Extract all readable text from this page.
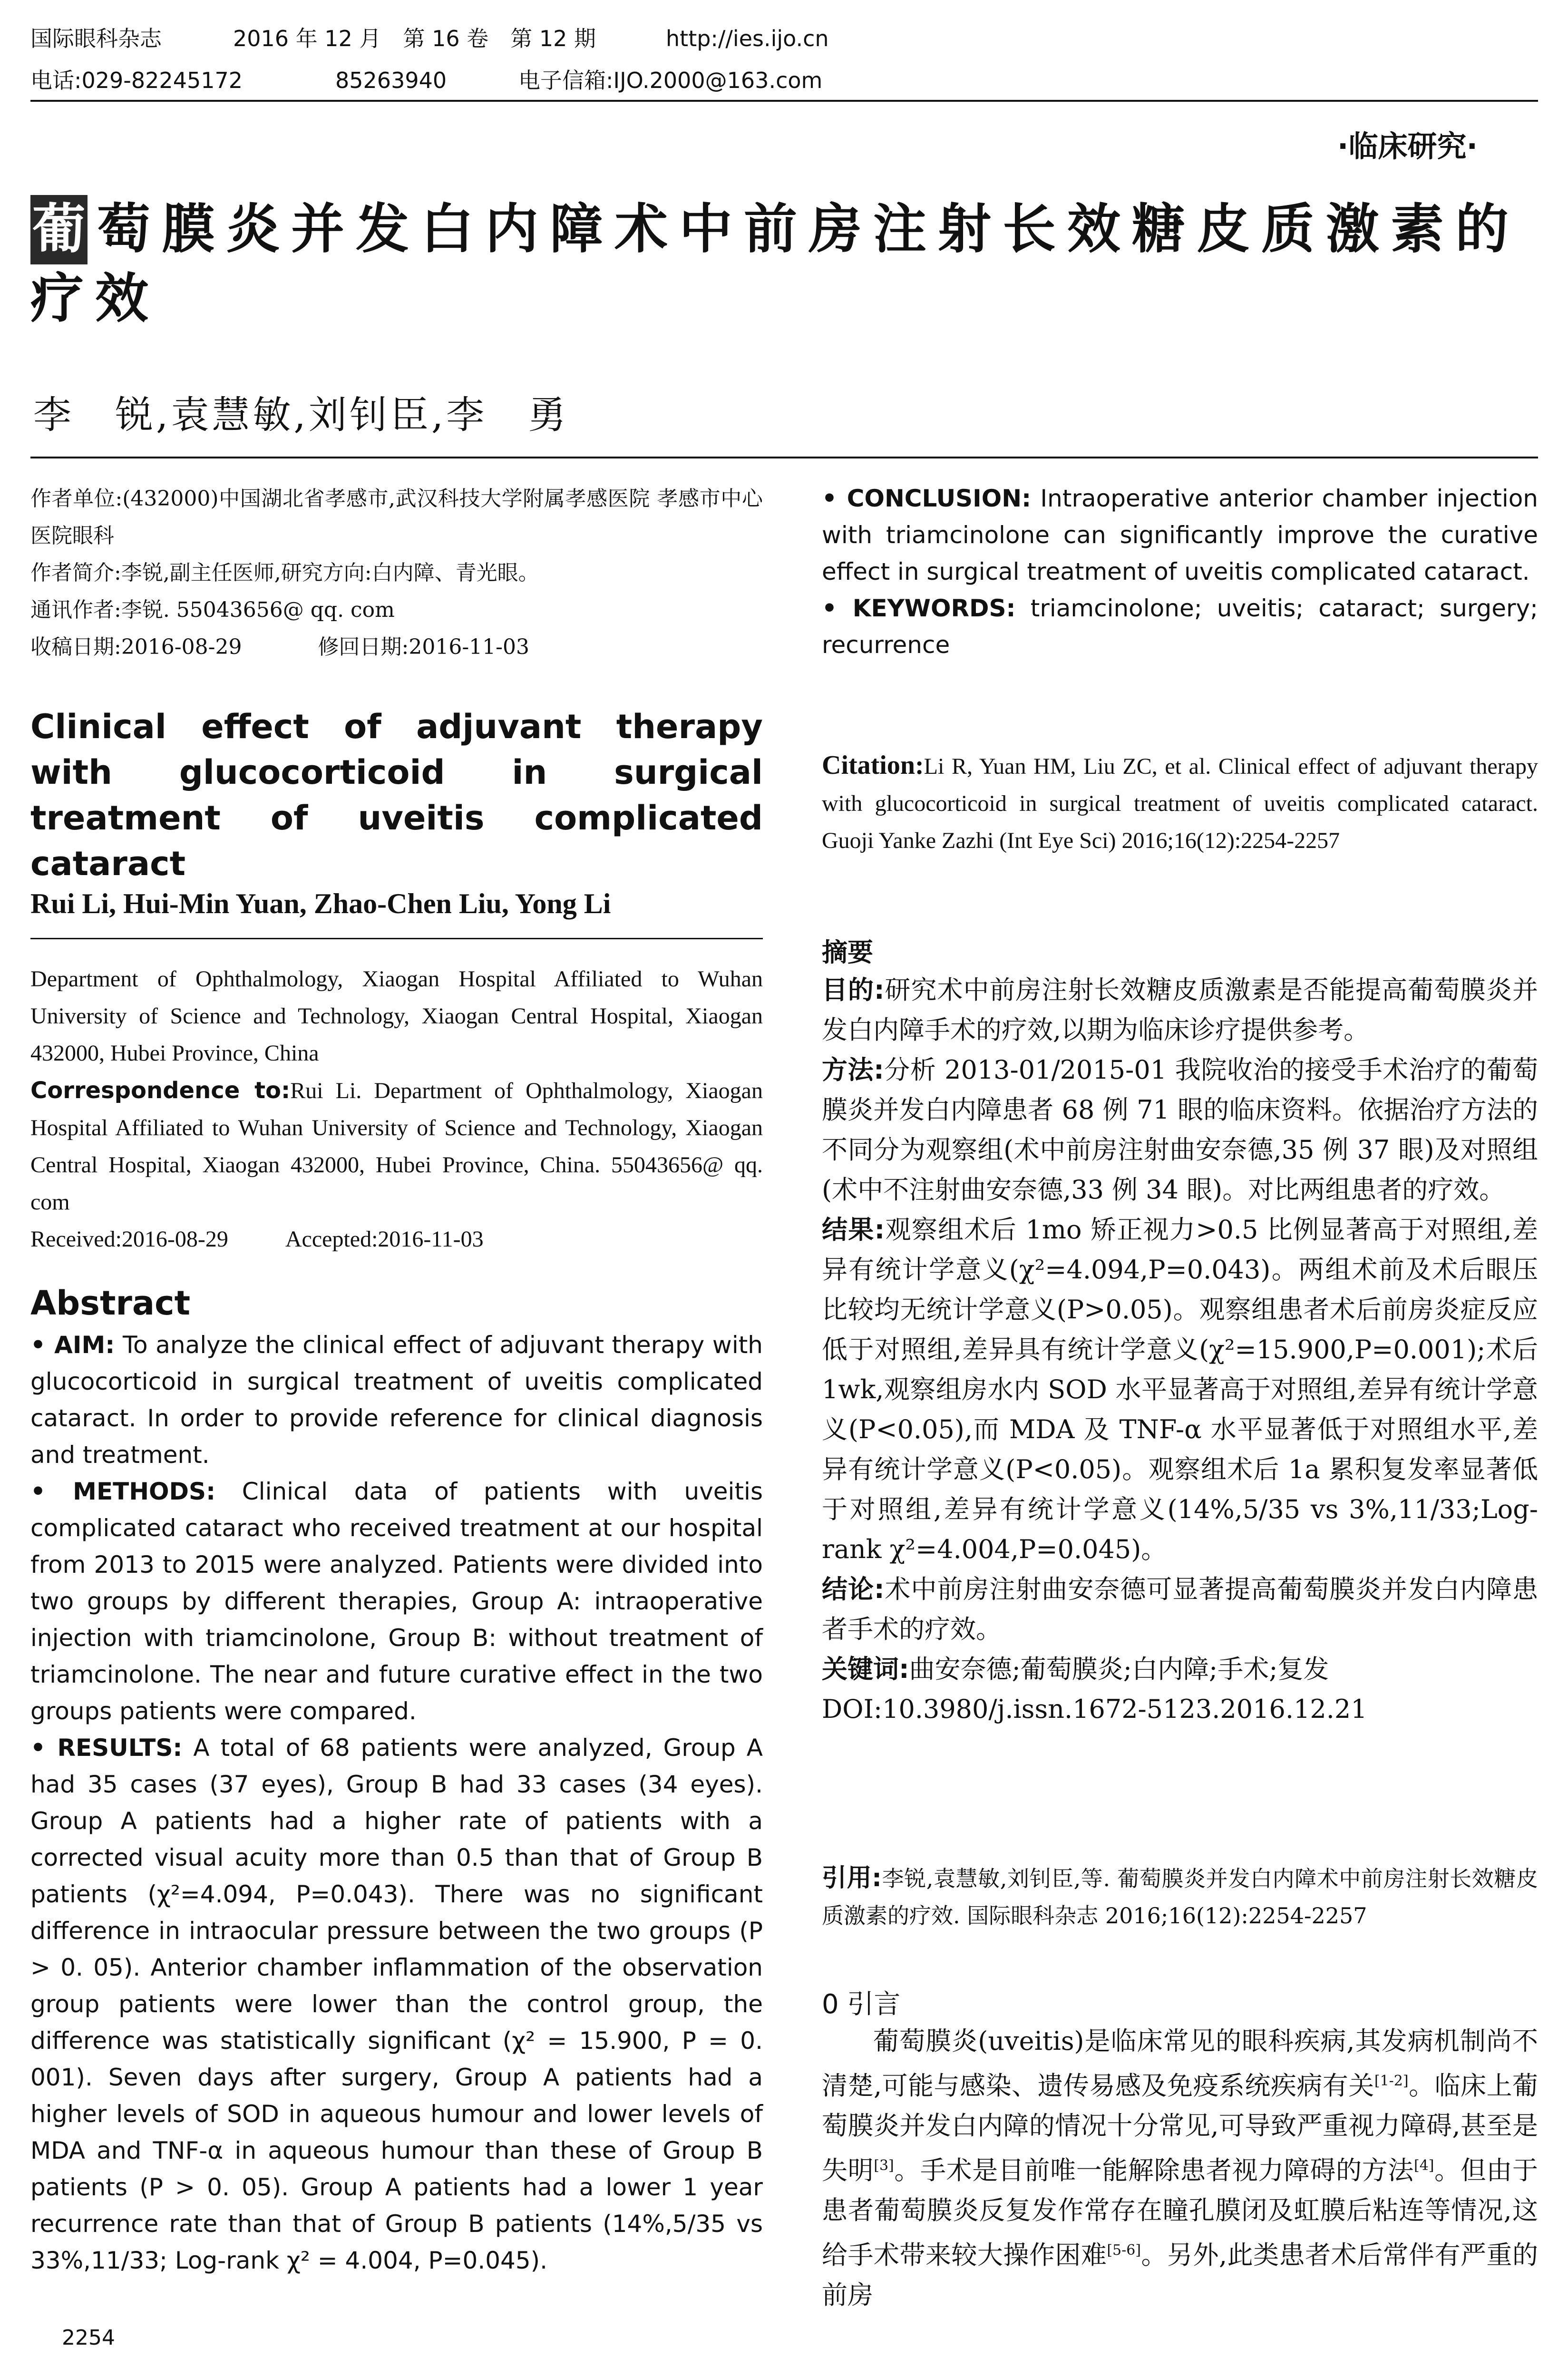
国际眼科杂志	2016 年 12 月　第 16 卷　第 12 期	http://ies.ijo.cn
电话:029-82245172	85263940	电子信箱:IJO.2000@163.com
·临床研究·
葡 萄膜炎并发白内障术中前房注射长效糖皮质激素的疗效
李　锐,袁慧敏,刘钊臣,李　勇

作者单位:(432000)中国湖北省孝感市,武汉科技大学附属孝感医院 孝感市中心医院眼科

作者简介:李锐,副主任医师,研究方向:白内障、青光眼。

通讯作者:李锐. 55043656@ qq. com

收稿日期:2016-08-29	修回日期:2016-11-03

Clinical effect of adjuvant therapy with glucocorticoid in surgical treatment of uveitis complicated cataract
Rui Li, Hui-Min Yuan, Zhao-Chen Liu, Yong Li

Department of Ophthalmology, Xiaogan Hospital Affiliated to Wuhan University of Science and Technology, Xiaogan Central Hospital, Xiaogan 432000, Hubei Province, China

Correspondence to:Rui Li. Department of Ophthalmology, Xiaogan Hospital Affiliated to Wuhan University of Science and Technology, Xiaogan Central Hospital, Xiaogan 432000, Hubei Province, China. 55043656@ qq. com

Received:2016-08-29	Accepted:2016-11-03

Abstract

• AIM: To analyze the clinical effect of adjuvant therapy with glucocorticoid in surgical treatment of uveitis complicated cataract. In order to provide reference for clinical diagnosis and treatment.

• METHODS: Clinical data of patients with uveitis complicated cataract who received treatment at our hospital from 2013 to 2015 were analyzed. Patients were divided into two groups by different therapies, Group A: intraoperative injection with triamcinolone, Group B: without treatment of triamcinolone. The near and future curative effect in the two groups patients were compared.

• RESULTS: A total of 68 patients were analyzed, Group A had 35 cases (37 eyes), Group B had 33 cases (34 eyes). Group A patients had a higher rate of patients with a corrected visual acuity more than 0.5 than that of Group B patients (χ²=4.094, P=0.043). There was no significant difference in intraocular pressure between the two groups (P > 0. 05). Anterior chamber inflammation of the observation group patients were lower than the control group, the difference was statistically significant (χ² = 15.900, P = 0. 001). Seven days after surgery, Group A patients had a higher levels of SOD in aqueous humour and lower levels of MDA and TNF-α in aqueous humour than these of Group B patients (P > 0. 05). Group A patients had a lower 1 year recurrence rate than that of Group B patients (14%,5/35 vs 33%,11/33; Log-rank χ² = 4.004, P=0.045).

2254

• CONCLUSION: Intraoperative anterior chamber injection with triamcinolone can significantly improve the curative effect in surgical treatment of uveitis complicated cataract.

• KEYWORDS: triamcinolone; uveitis; cataract; surgery; recurrence

Citation:Li R, Yuan HM, Liu ZC, et al. Clinical effect of adjuvant therapy with glucocorticoid in surgical treatment of uveitis complicated cataract. Guoji Yanke Zazhi (Int Eye Sci) 2016;16(12):2254-2257

摘要

目的:研究术中前房注射长效糖皮质激素是否能提高葡萄膜炎并发白内障手术的疗效,以期为临床诊疗提供参考。

方法:分析 2013-01/2015-01 我院收治的接受手术治疗的葡萄膜炎并发白内障患者 68 例 71 眼的临床资料。依据治疗方法的不同分为观察组(术中前房注射曲安奈德,35 例 37 眼)及对照组(术中不注射曲安奈德,33 例 34 眼)。对比两组患者的疗效。

结果:观察组术后 1mo 矫正视力>0.5 比例显著高于对照组,差异有统计学意义(χ²=4.094,P=0.043)。两组术前及术后眼压比较均无统计学意义(P>0.05)。观察组患者术后前房炎症反应低于对照组,差异具有统计学意义(χ²=15.900,P=0.001);术后 1wk,观察组房水内 SOD 水平显著高于对照组,差异有统计学意义(P<0.05),而 MDA 及 TNF-α 水平显著低于对照组水平,差异有统计学意义(P<0.05)。观察组术后 1a 累积复发率显著低于对照组,差异有统计学意义(14%,5/35 vs 3%,11/33;Log-rank χ²=4.004,P=0.045)。

结论:术中前房注射曲安奈德可显著提高葡萄膜炎并发白内障患者手术的疗效。

关键词:曲安奈德;葡萄膜炎;白内障;手术;复发

DOI:10.3980/j.issn.1672-5123.2016.12.21

引用:李锐,袁慧敏,刘钊臣,等. 葡萄膜炎并发白内障术中前房注射长效糖皮质激素的疗效. 国际眼科杂志 2016;16(12):2254-2257

0 引言

葡萄膜炎(uveitis)是临床常见的眼科疾病,其发病机制尚不清楚,可能与感染、遗传易感及免疫系统疾病有关[1-2]。临床上葡萄膜炎并发白内障的情况十分常见,可导致严重视力障碍,甚至是失明[3]。手术是目前唯一能解除患者视力障碍的方法[4]。但由于患者葡萄膜炎反复发作常存在瞳孔膜闭及虹膜后粘连等情况,这给手术带来较大操作困难[5-6]。另外,此类患者术后常伴有严重的前房
